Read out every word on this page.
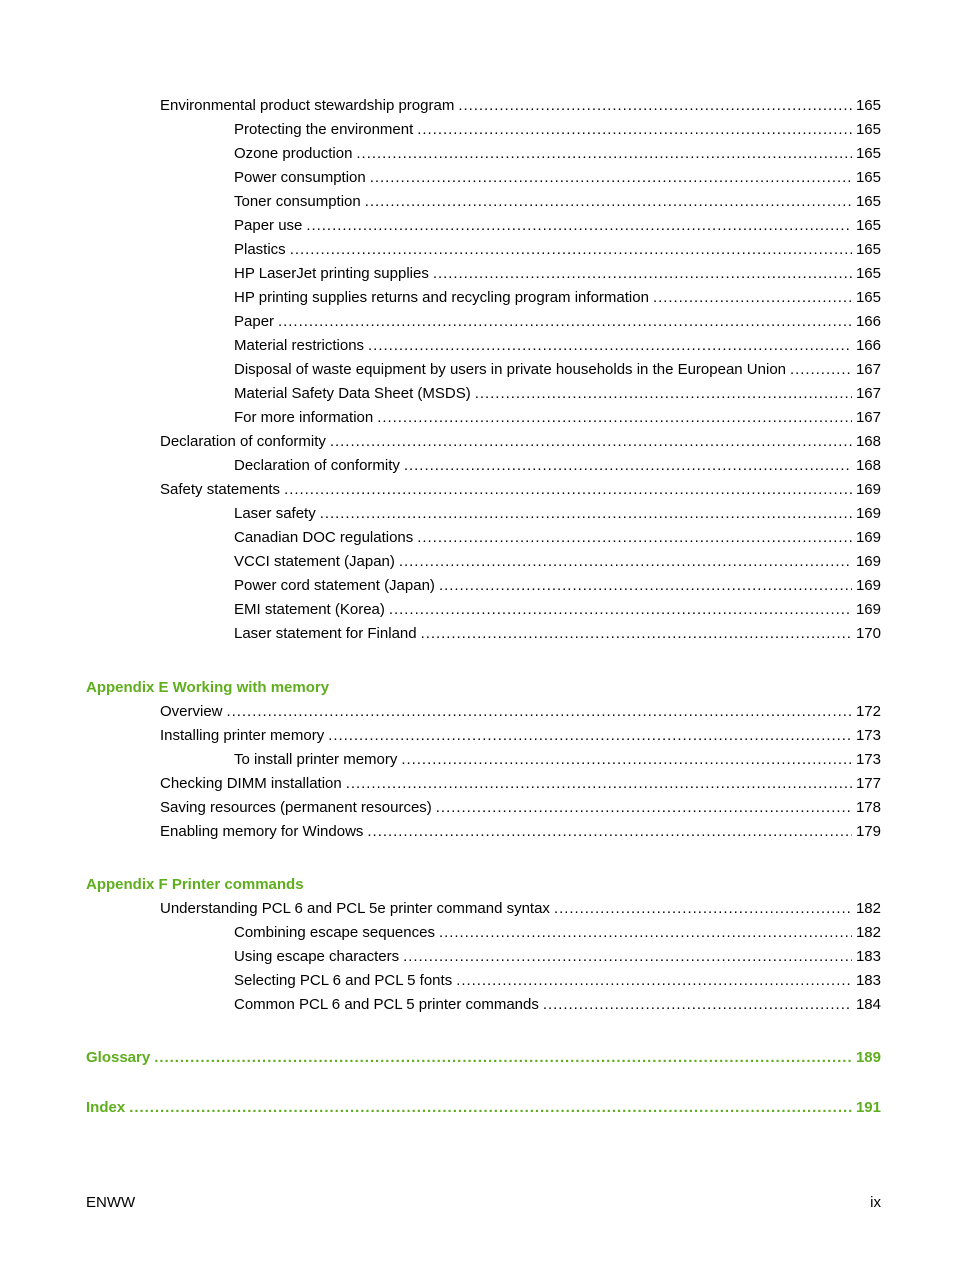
Environmental product stewardship program . . .	165
Protecting the environment . . .	165
Ozone production . . .	165
Power consumption . . .	165
Toner consumption . . .	165
Paper use . . .	165
Plastics . . .	165
HP LaserJet printing supplies . . .	165
HP printing supplies returns and recycling program information . . .	165
Paper . . .	166
Material restrictions . . .	166
Disposal of waste equipment by users in private households in the European Union . . .	167
Material Safety Data Sheet (MSDS) . . .	167
For more information . . .	167
Declaration of conformity . . .	168
Declaration of conformity . . .	168
Safety statements . . .	169
Laser safety . . .	169
Canadian DOC regulations . . .	169
VCCI statement (Japan) . . .	169
Power cord statement (Japan) . . .	169
EMI statement (Korea) . . .	169
Laser statement for Finland . . .	170
Appendix E Working with memory
Overview . . .	172
Installing printer memory . . .	173
To install printer memory . . .	173
Checking DIMM installation . . .	177
Saving resources (permanent resources) . . .	178
Enabling memory for Windows . . .	179
Appendix F Printer commands
Understanding PCL 6 and PCL 5e printer command syntax . . .	182
Combining escape sequences . . .	182
Using escape characters . . .	183
Selecting PCL 6 and PCL 5 fonts . . .	183
Common PCL 6 and PCL 5 printer commands . . .	184
Glossary . . .	189
Index . . .	191
ENWW	ix
